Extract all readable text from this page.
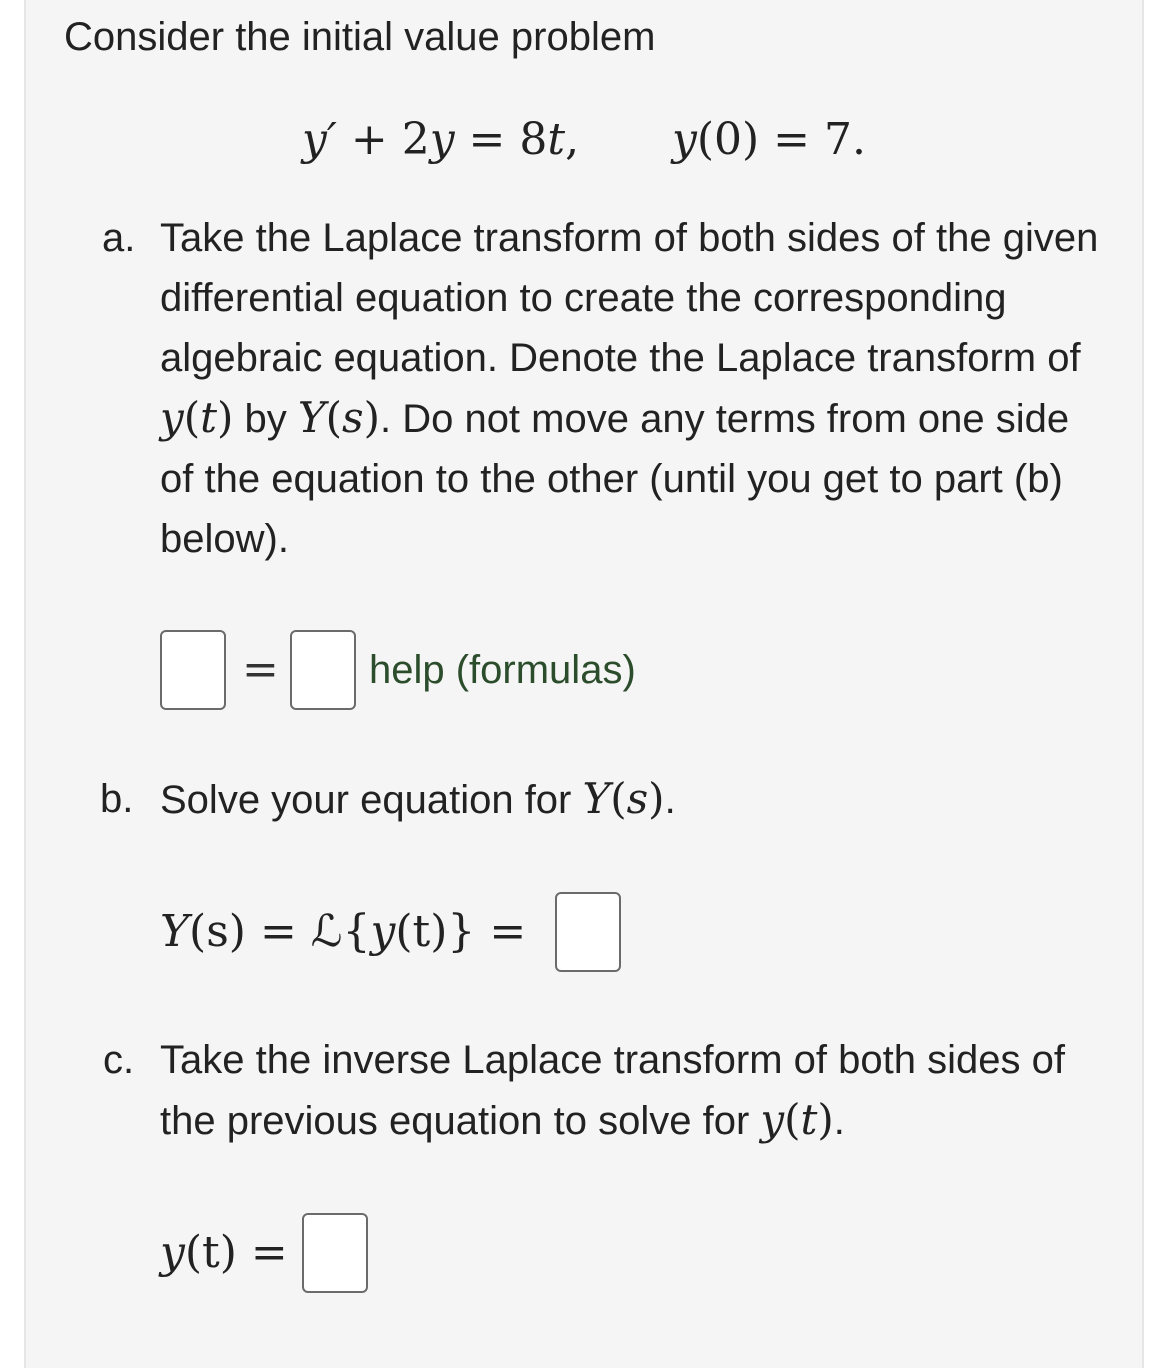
Consider the initial value problem
y′ + 2y = 8t, y(0) = 7.
a. Take the Laplace transform of both sides of the given differential equation to create the corresponding algebraic equation. Denote the Laplace transform of y(t) by Y(s). Do not move any terms from one side of the equation to the other (until you get to part (b) below).
= help (formulas)
b. Solve your equation for Y(s).
Y(s) = ℒ{y(t)} =
c. Take the inverse Laplace transform of both sides of the previous equation to solve for y(t).
y(t) =
